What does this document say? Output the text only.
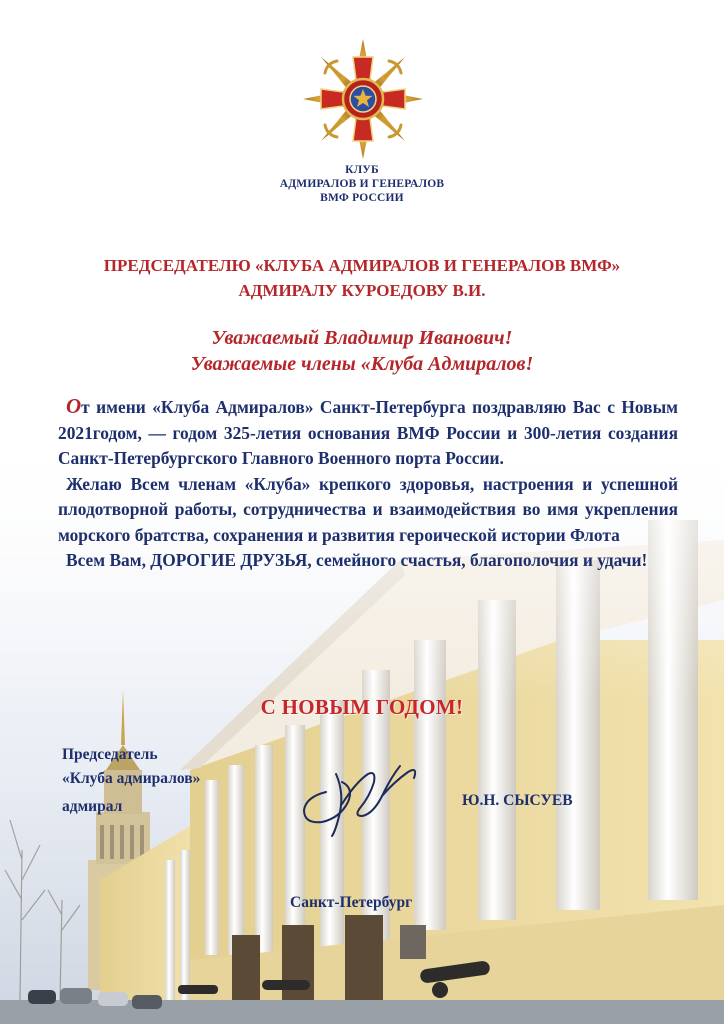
КЛУБ
АДМИРАЛОВ И ГЕНЕРАЛОВ
ВМФ РОССИИ
ПРЕДСЕДАТЕЛЮ «КЛУБА АДМИРАЛОВ И ГЕНЕРАЛОВ ВМФ»
АДМИРАЛУ КУРОЕДОВУ В.И.
Уважаемый Владимир Иванович!
Уважаемые члены «Клуба Адмиралов!

От имени «Клуба Адмиралов» Санкт-Петербурга поздравляю Вас с Новым 2021годом, — годом 325-летия основания ВМФ России и 300-летия создания Санкт-Петербургского Главного Военного порта России.

Желаю Всем членам «Клуба» крепкого здоровья, настроения и успешной плодотворной работы, сотрудничества и взаимодействия во имя укрепления морского братства, сохранения и развития героической истории Флота

Всем Вам, ДОРОГИЕ ДРУЗЬЯ, семейного счастья, благополочия и удачи!

С НОВЫМ ГОДОМ!
Председатель
«Клуба адмиралов»
адмирал	Ю.Н. СЫСУЕВ
Санкт-Петербург
